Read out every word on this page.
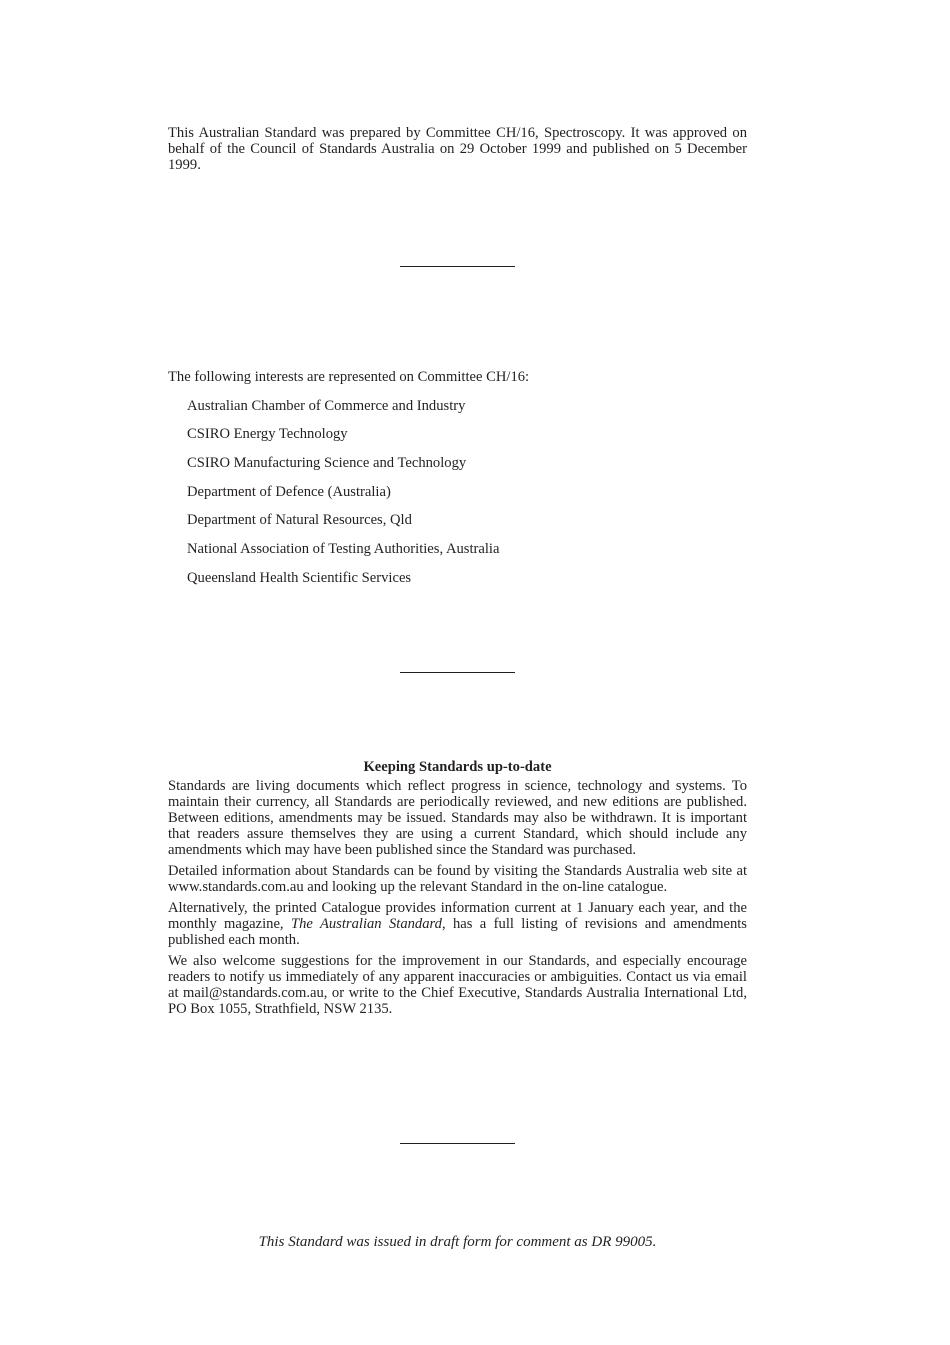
This Australian Standard was prepared by Committee CH/16, Spectroscopy. It was approved on behalf of the Council of Standards Australia on 29 October 1999 and published on 5 December 1999.

The following interests are represented on Committee CH/16:

Australian Chamber of Commerce and Industry
CSIRO Energy Technology
CSIRO Manufacturing Science and Technology
Department of Defence (Australia)
Department of Natural Resources, Qld
National Association of Testing Authorities, Australia
Queensland Health Scientific Services
Keeping Standards up-to-date

Standards are living documents which reflect progress in science, technology and systems. To maintain their currency, all Standards are periodically reviewed, and new editions are published. Between editions, amendments may be issued. Standards may also be withdrawn. It is important that readers assure themselves they are using a current Standard, which should include any amendments which may have been published since the Standard was purchased.

Detailed information about Standards can be found by visiting the Standards Australia web site at www.standards.com.au and looking up the relevant Standard in the on-line catalogue.

Alternatively, the printed Catalogue provides information current at 1 January each year, and the monthly magazine, The Australian Standard, has a full listing of revisions and amendments published each month.

We also welcome suggestions for the improvement in our Standards, and especially encourage readers to notify us immediately of any apparent inaccuracies or ambiguities. Contact us via email at mail@standards.com.au, or write to the Chief Executive, Standards Australia International Ltd, PO Box 1055, Strathfield, NSW 2135.

This Standard was issued in draft form for comment as DR 99005.
